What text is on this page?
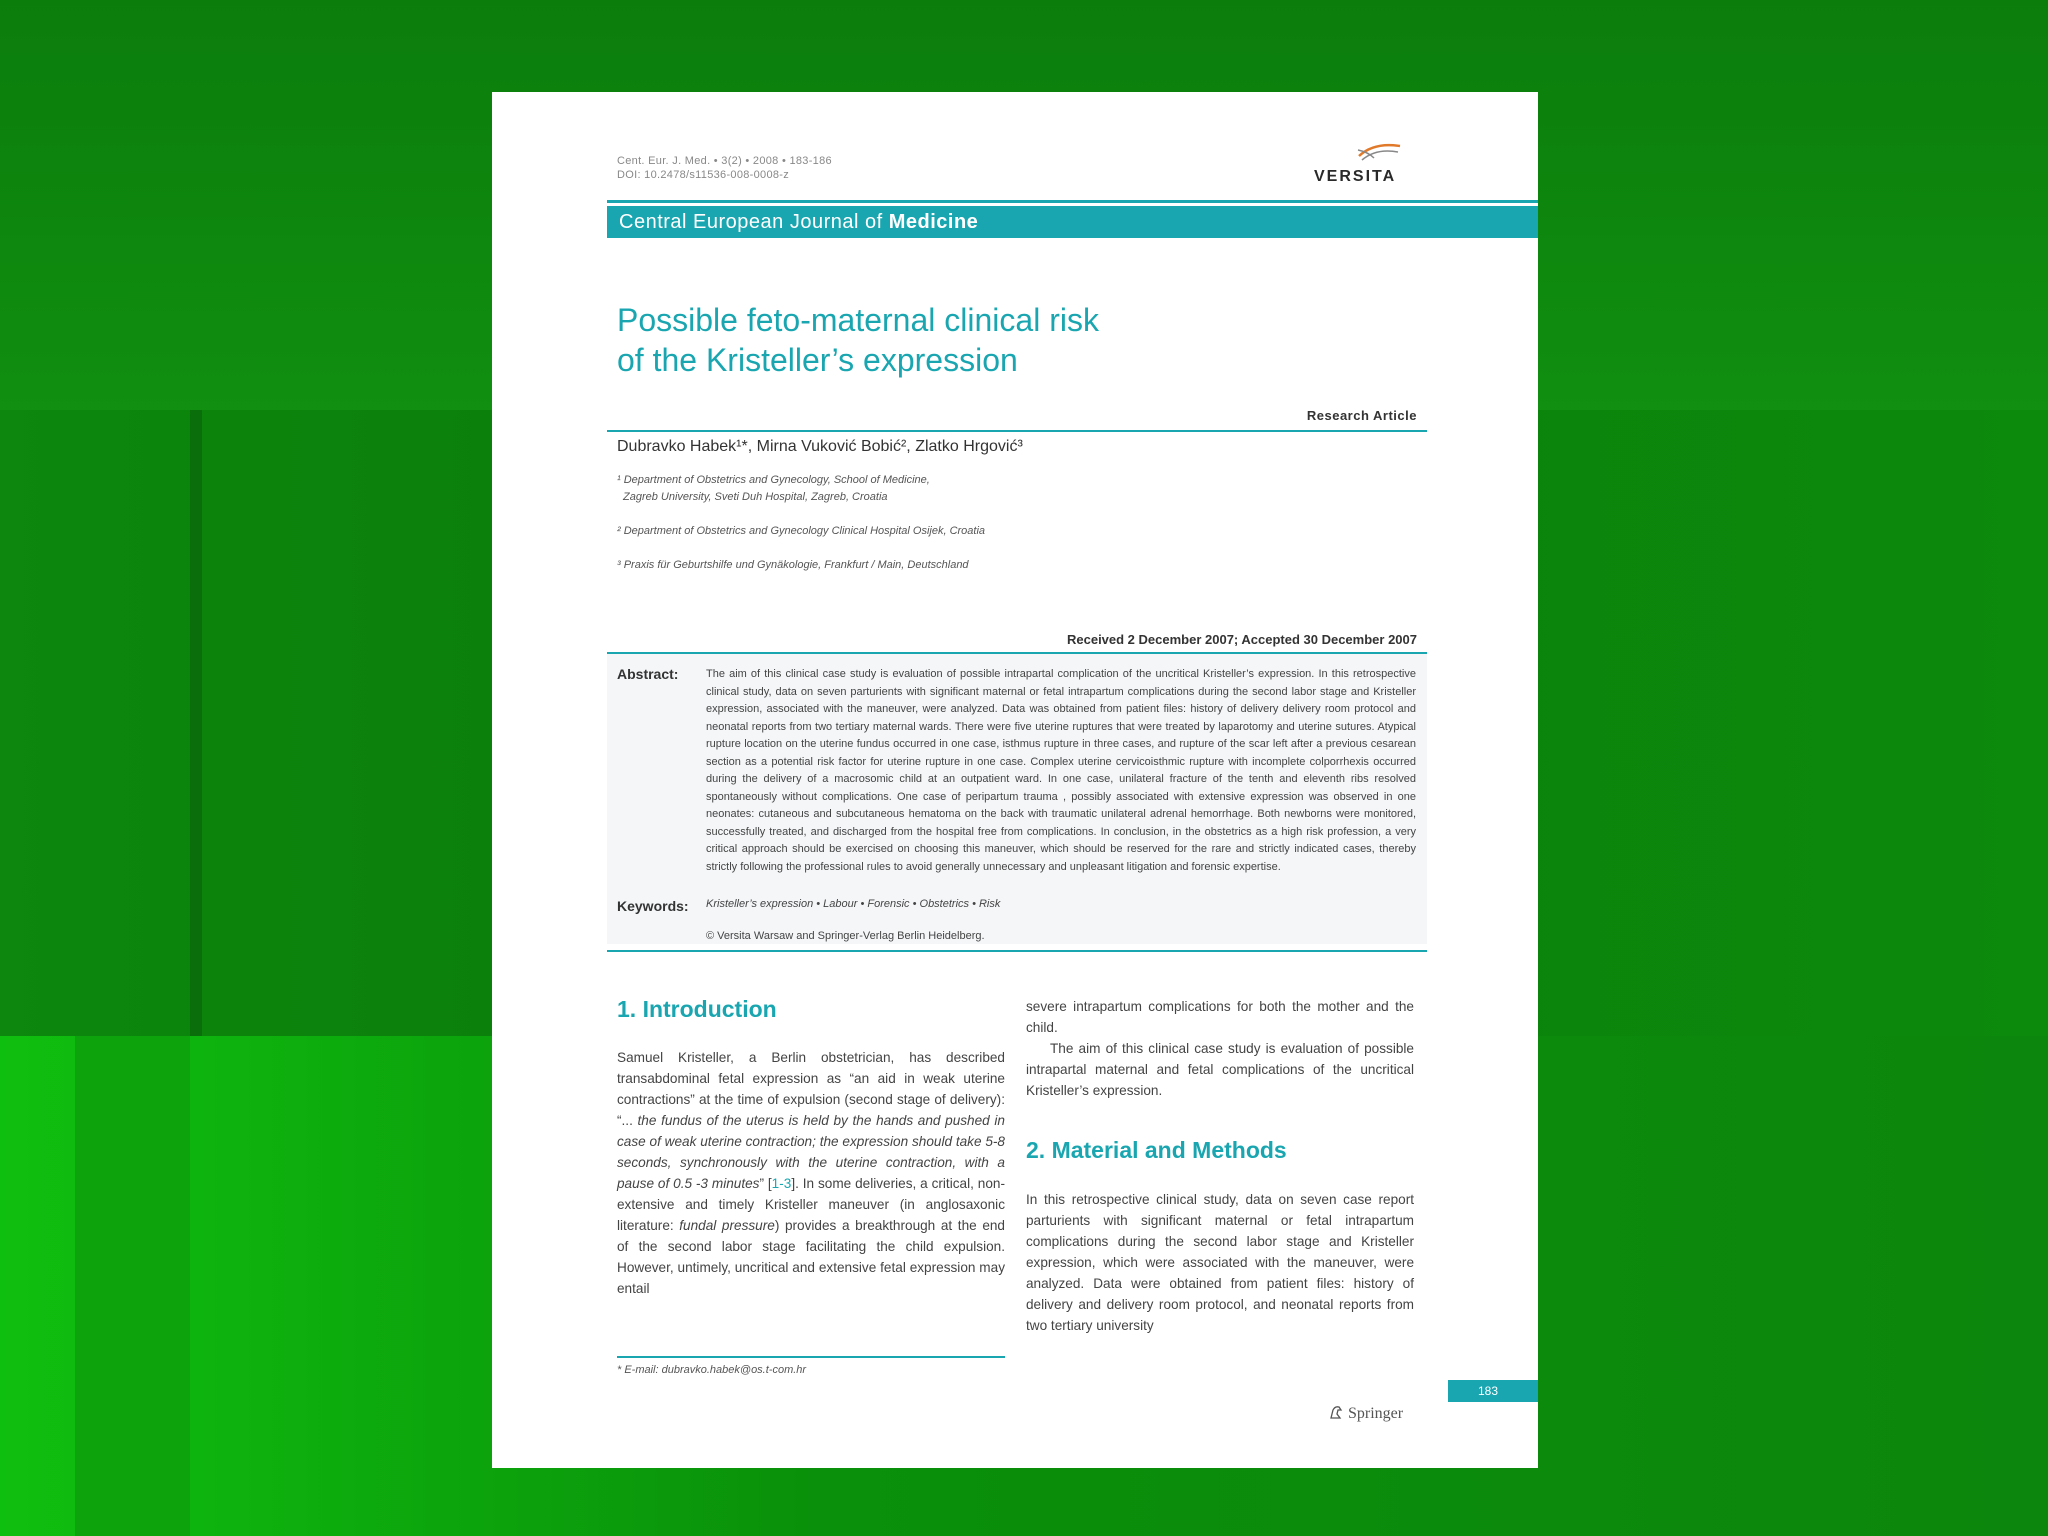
Cent. Eur. J. Med. • 3(2) • 2008 • 183-186
DOI: 10.2478/s11536-008-0008-z	VERSITA
Central European Journal of Medicine
Possible feto-maternal clinical risk
of the Kristeller’s expression
Research Article
Dubravko Habek¹*, Mirna Vuković Bobić², Zlatko Hrgović³
¹ Department of Obstetrics and Gynecology, School of Medicine,
Zagreb University, Sveti Duh Hospital, Zagreb, Croatia
² Department of Obstetrics and Gynecology Clinical Hospital Osijek, Croatia
³ Praxis für Geburtshilfe und Gynäkologie, Frankfurt / Main, Deutschland
Received 2 December 2007; Accepted 30 December 2007
Abstract:	The aim of this clinical case study is evaluation of possible intrapartal complication of the uncritical Kristeller’s expression. In this retrospective clinical study, data on seven parturients with significant maternal or fetal intrapartum complications during the second labor stage and Kristeller expression, associated with the maneuver, were analyzed. Data was obtained from patient files: history of delivery delivery room protocol and neonatal reports from two tertiary maternal wards. There were five uterine ruptures that were treated by laparotomy and uterine sutures. Atypical rupture location on the uterine fundus occurred in one case, isthmus rupture in three cases, and rupture of the scar left after a previous cesarean section as a potential risk factor for uterine rupture in one case. Complex uterine cervicoisthmic rupture with incomplete colporrhexis occurred during the delivery of a macrosomic child at an outpatient ward. In one case, unilateral fracture of the tenth and eleventh ribs resolved spontaneously without complications. One case of peripartum trauma , possibly associated with extensive expression was observed in one neonates: cutaneous and subcutaneous hematoma on the back with traumatic unilateral adrenal hemorrhage. Both newborns were monitored, successfully treated, and discharged from the hospital free from complications. In conclusion, in the obstetrics as a high risk profession, a very critical approach should be exercised on choosing this maneuver, which should be reserved for the rare and strictly indicated cases, thereby strictly following the professional rules to avoid generally unnecessary and unpleasant litigation and forensic expertise.
Keywords: Kristeller’s expression • Labour • Forensic • Obstetrics • Risk
© Versita Warsaw and Springer-Verlag Berlin Heidelberg.
1. Introduction
Samuel Kristeller, a Berlin obstetrician, has described transabdominal fetal expression as “an aid in weak uterine contractions” at the time of expulsion (second stage of delivery): “... the fundus of the uterus is held by the hands and pushed in case of weak uterine contraction; the expression should take 5-8 seconds, synchronously with the uterine contraction, with a pause of 0.5 -3 minutes” [1-3]. In some deliveries, a critical, non-extensive and timely Kristeller maneuver (in anglosaxonic literature: fundal pressure) provides a breakthrough at the end of the second labor stage facilitating the child expulsion. However, untimely, uncritical and extensive fetal expression may entail
severe intrapartum complications for both the mother and the child.
The aim of this clinical case study is evaluation of possible intrapartal maternal and fetal complications of the uncritical Kristeller’s expression.
2. Material and Methods
In this retrospective clinical study, data on seven case report parturients with significant maternal or fetal intrapartum complications during the second labor stage and Kristeller expression, which were associated with the maneuver, were analyzed. Data were obtained from patient files: history of delivery and delivery room protocol, and neonatal reports from two tertiary university
* E-mail: dubravko.habek@os.t-com.hr
183
Springer
